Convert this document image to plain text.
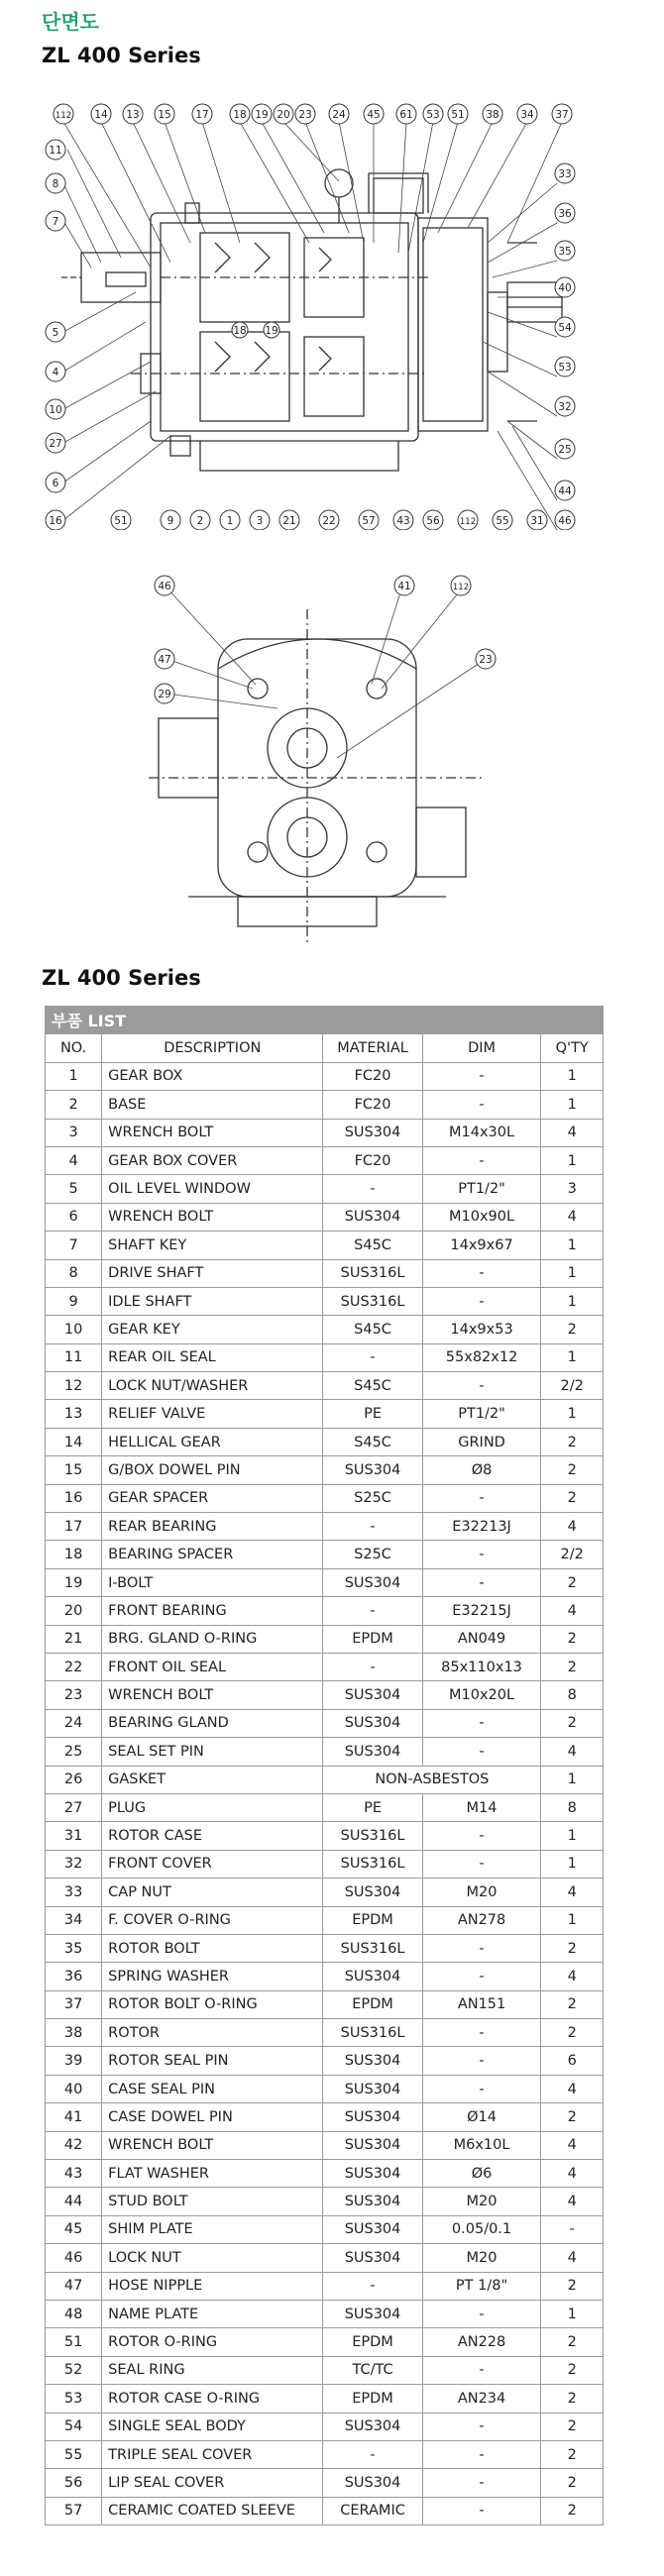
단면도
ZL 400 Series
112 14 13 15 17 18 19 20 23 24 45 61 53 51 38 34 37
11
8
7
5
4
10
27
6
16
33
36
35
40
54
53
32
25
44
46
31
51	9 2 1 3 21	22	57 43 56 112 55
18 19
46	41	112
47	23
29
ZL 400 Series
부품 LIST				
NO.	DESCRIPTION	MATERIAL	DIM	Q'TY
1	GEAR BOX	FC20	-	1
2	BASE	FC20	-	1
3	WRENCH BOLT	SUS304	M14x30L	4
4	GEAR BOX COVER	FC20	-	1
5	OIL LEVEL WINDOW	-	PT1/2"	3
6	WRENCH BOLT	SUS304	M10x90L	4
7	SHAFT KEY	S45C	14x9x67	1
8	DRIVE SHAFT	SUS316L	-	1
9	IDLE SHAFT	SUS316L	-	1
10	GEAR KEY	S45C	14x9x53	2
11	REAR OIL SEAL	-	55x82x12	1
12	LOCK NUT/WASHER	S45C	-	2/2
13	RELIEF VALVE	PE	PT1/2"	1
14	HELLICAL GEAR	S45C	GRIND	2
15	G/BOX DOWEL PIN	SUS304	Ø8	2
16	GEAR SPACER	S25C	-	2
17	REAR BEARING	-	E32213J	4
18	BEARING SPACER	S25C	-	2/2
19	I-BOLT	SUS304	-	2
20	FRONT BEARING	-	E32215J	4
21	BRG. GLAND O-RING	EPDM	AN049	2
22	FRONT OIL SEAL	-	85x110x13	2
23	WRENCH BOLT	SUS304	M10x20L	8
24	BEARING GLAND	SUS304	-	2
25	SEAL SET PIN	SUS304	-	4
26	GASKET	NON-ASBESTOS		1
27	PLUG	PE	M14	8
31	ROTOR CASE	SUS316L	-	1
32	FRONT COVER	SUS316L	-	1
33	CAP NUT	SUS304	M20	4
34	F. COVER O-RING	EPDM	AN278	1
35	ROTOR BOLT	SUS316L	-	2
36	SPRING WASHER	SUS304	-	4
37	ROTOR BOLT O-RING	EPDM	AN151	2
38	ROTOR	SUS316L	-	2
39	ROTOR SEAL PIN	SUS304	-	6
40	CASE SEAL PIN	SUS304	-	4
41	CASE DOWEL PIN	SUS304	Ø14	2
42	WRENCH BOLT	SUS304	M6x10L	4
43	FLAT WASHER	SUS304	Ø6	4
44	STUD BOLT	SUS304	M20	4
45	SHIM PLATE	SUS304	0.05/0.1	-
46	LOCK NUT	SUS304	M20	4
47	HOSE NIPPLE	-	PT 1/8"	2
48	NAME PLATE	SUS304	-	1
51	ROTOR O-RING	EPDM	AN228	2
52	SEAL RING	TC/TC	-	2
53	ROTOR CASE O-RING	EPDM	AN234	2
54	SINGLE SEAL BODY	SUS304	-	2
55	TRIPLE SEAL COVER	-	-	2
56	LIP SEAL COVER	SUS304	-	2
57	CERAMIC COATED SLEEVE	CERAMIC	-	2
